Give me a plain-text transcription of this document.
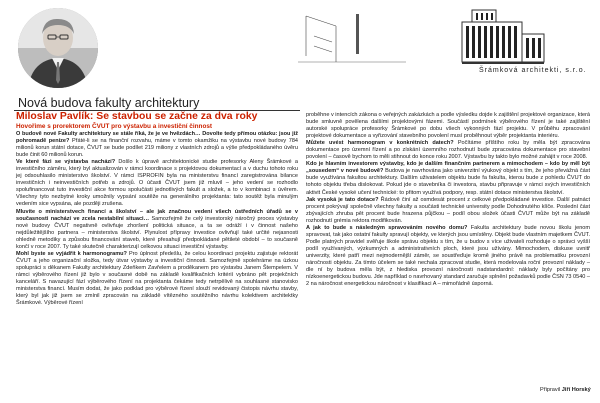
Šrámková architekti, s.r.o.
Nová budova fakulty architektury

Miloslav Pavlík: Se stavbou se začne za dva roky

Hovořime s prorektorem ČVUT pro výstavbu a investiční činnost

O budově nové Fakulty architektury se stále říká, že je ve hvězdách… Dovolte tedy přímou otázku: jsou již pohromadě peníze? Přáté-li se na finanční rozvahu, máme v tomto okamžiku na výstavbu nové budovy 784 milionů korun státní dotace, ČVUT se bude podílet 219 miliony z vlastních zdrojů a výše předpokládaného úvěru bude činit 60 milionů korun.

Ve které fázi se výstavba nachází? Došlo k úpravě architektonické studie profesorky Aleny Šrámkové a investičního záměru, který byl aktualizován v rámci koordinace s projektovou dokumentací a v duchu tohoto roku jej odsouhlasilo ministerstvo školství. V rámci ISPROFIN byla na ministerstvu financí zaregistrována bilance investičních i neinvestičních potřeb a zdrojů. O účasti ČVUT jsem již mluvil – jeho vedení se rozhodlo spolufinancovat tuto investiční akce formou spolučásti jednotlivých fakult a složek, a to v kombinaci s úvěrem. Všechny tyto nezbytné kroky umožnily vypsání soutěže na generálního projektanta: tato soutěž byla minulým vedením sice vypsána, ale později zrušena.

Mluvíte o ministerstvech financí a školství – ale jak značnou vedení všech ústředních úřadů se v současnosti nachází ve zcela nestabilní situaci… Samozřejmě že celý investorský náročný proces výstavby nové budovy ČVUT negativně ovlivňuje zhoršení politická situace, a ta se odráží i v činnost našeho nejdůležitějšího partnera – ministerstva školství. Plynulost přípravy investice ovlivňují také určité nejasnosti ohledně metodiky a způsobu financování staveb, které přesahují předpokládané pětileté období – to současně končí v roce 2007. Ty také skutečně charakterizují celkovou situaci investiční výstavby.

Mohl byste se vyjádřit k harmonogramu? Pro úplnost předešlu, že celou koordinaci projektu zajistuje rektorát ČVUT a jeho organizační složka, tedy útvar výstavby a investiční činnosti. Samozřejmě spolehráme na úzkou spolupráci s děkanem Fakulty architektury Zdeňkem Zavřelem a proděkanem pro výstavbu Janem Štempelem. V rámci výběrového řízení již bylo v současné době na základě kvalifikačních kritérií vybráno pět projekčních kanceláří. S navazující fází výběrového řízení na projektanta čekáme tedy netrpělivě na souhlasné stanovisko ministerstva financí. Musím dodat, že jako podklad pro výběrové řízení slouží revidovaný čistopis návrhu stavby, který byl jak již jsem se zmínil zpracován na základě vítězného soutěžního návrhu kolektivem architektky Šrámkové. Výběrové řízení

proběhne v intencích zákona o veřejných zakázkách a podle výsledku dojde k zajištění projektové organizace, která bude smluvně povělena dalšími projektovými fázemi. Součástí podmínek výběrového řízení je také zajištění autorské spolupráce profesorky Šrámkové po dobu všech vykonných fází projektu. V průběhu zpracování projektové dokumentace a vyřizování stavebního povolení musí proběhnout výběr projektanta interiéru.

Můžete uvést harmonogram v konkrétních datech? Počítáme příštího roku by měla být zpracována dokumentace pro územní řízení a po získání územního rozhodnutí bude zpracována dokumentace pro stavební povolení – časově bychom to měli stihnout do konce roku 2007. Výstavbu by takto bylo možné zahájit v roce 2008.

Kdo je hlavním investorem výstavby, kdo je dalším finančním partnerem a mimochodem – kdo by měl být „sousedem“ v nové budově? Budova je navrhována jako univerzitní výukový objekt s tím, že jeho převážná část bude využívána fakultou architektury. Dalším uživatelem objektu bude fa fakulta, kterou bude z pohledu ČVUT do tohoto objektu třeba dislokovat. Pokud jde o stavebníka či investora, stavbu připravuje v rámci svých investičních aktivit České vysoké učení technické: to přitom využívá podpory, resp. státní dotace ministerstva školství.

Jak vysoká je tato dotace? Řádově činí až osmdesát procent z celkové předpokládané investice. Další patnáct procent pokrývají společně všechny fakulty a součásti technické university podle Dohodnutého klíče. Poslední část zbývajících zhruba pět procent bude hrazena půjčkou – podíl obou složek účasti ČVUT může být na základě rozhodnutí grémia rektora modifikován.

A jak to bude s následným spravováním nového domu? Fakulta architektury bude novou školu jenom spravovat, tak jako ostatní fakulty spravují objekty, ve kterých jsou umístěny. Objekt bude vlastním majetkem ČVUT. Podle platných pravidel svěřuje škole správu objektu s tím, že u budov s více uživateli rozhoduje o správci vyšší podíl využívaných, výzkumných a administrativních ploch, které jsou užívány. Mimochodem, diskuse uvnitř univerzity, které patří mezi nejmodernější záměr, se soustřeďuje kromě jiného právě na problematiku provozní náročnosti objektu. Za tímto účelem se také nechala zpracovat studie, která modelovala roční provozní náklady – dle ní by budova měla být, z hlediska provozní náročnosti nadstandardní: náklady byly počítány pro nízkoenergetickou budovu. Jde například o navrhovaný standard zaručuje splnění požadavků podle ČSN 73 0540 – 2 na náročnost energetickou náročnost v klasifikaci A – mimořádně úsporná.

Připravil Jiří Horský
